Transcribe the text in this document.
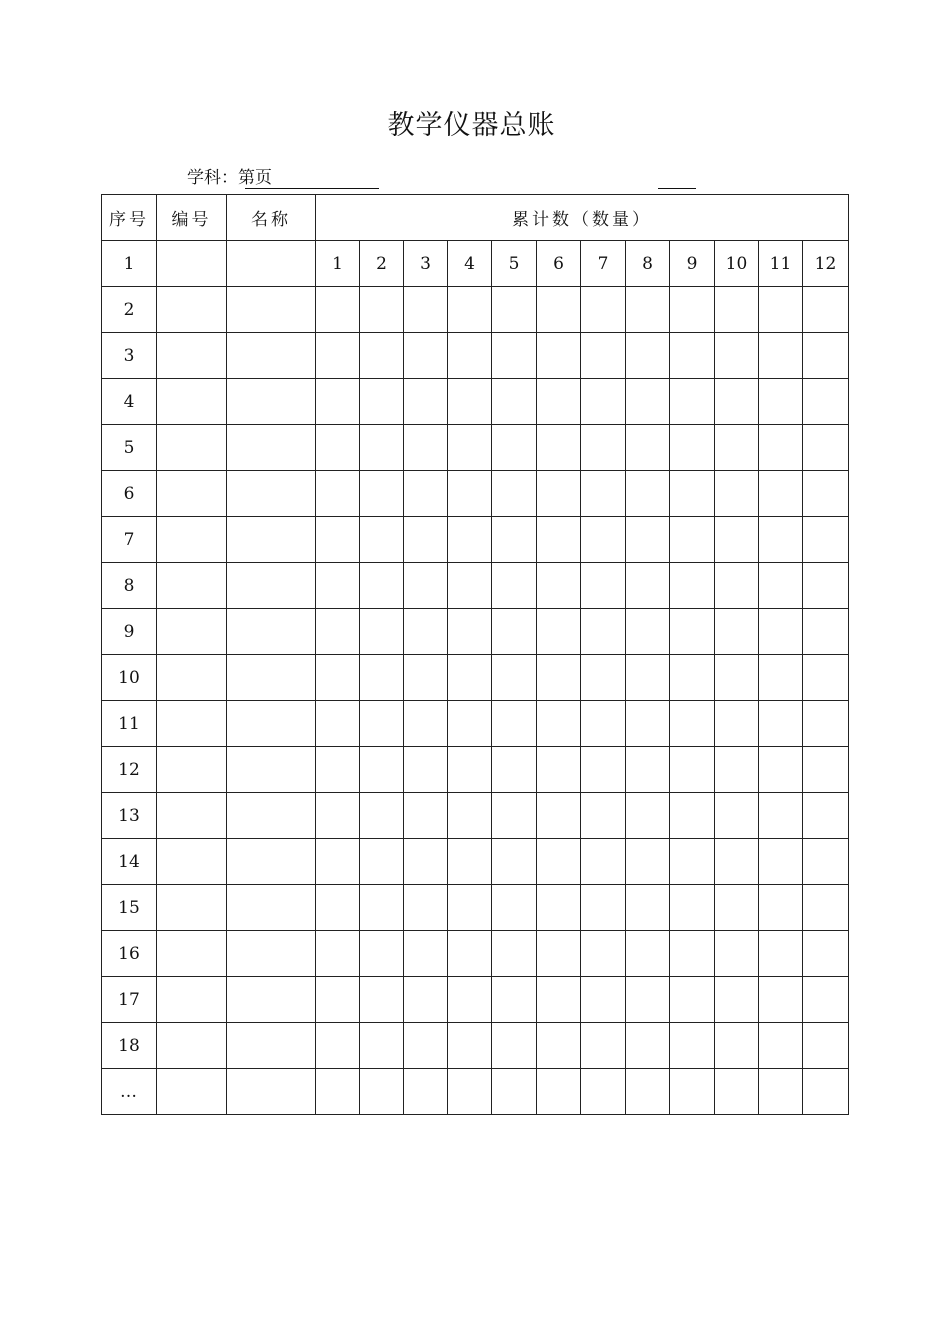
教学仪器总账
学科：第页
序号	编号	名称	累计数（数量）											
1			1	2	3	4	5	6	7	8	9	10	11	12
2														
3														
4														
5														
6														
7														
8														
9														
10														
11														
12														
13														
14														
15														
16														
17														
18														
…														
